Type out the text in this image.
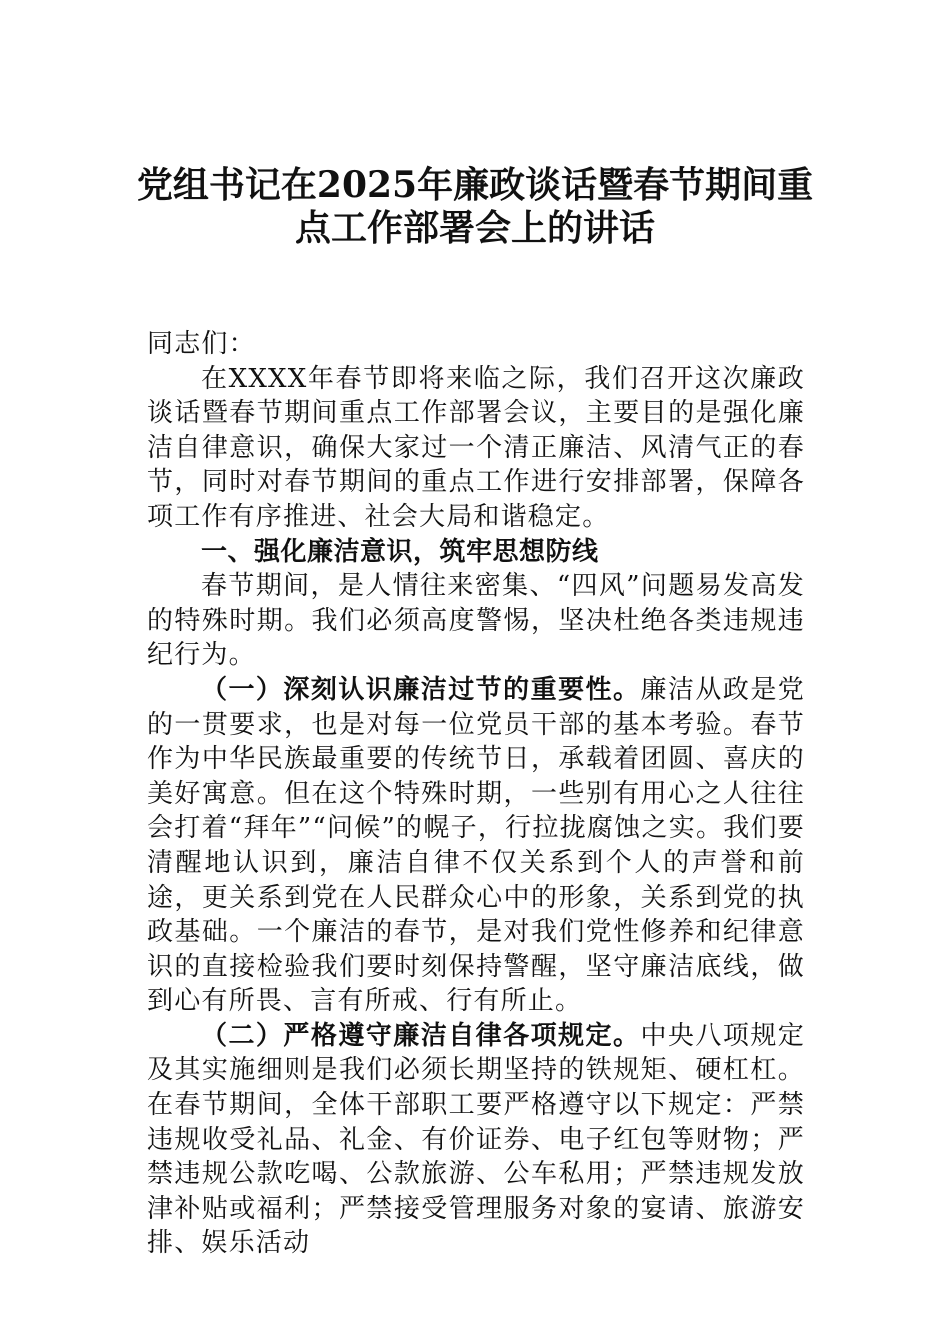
党组书记在2025年廉政谈话暨春节期间重
点工作部署会上的讲话

同志们：

在XXXX年春节即将来临之际，我们召开这次廉政谈话暨春节期间重点工作部署会议，主要目的是强化廉洁自律意识，确保大家过一个清正廉洁、风清气正的春节，同时对春节期间的重点工作进行安排部署，保障各项工作有序推进、社会大局和谐稳定。

一、强化廉洁意识，筑牢思想防线

春节期间，是人情往来密集、“四风”问题易发高发的特殊时期。我们必须高度警惕，坚决杜绝各类违规违纪行为。

（一）深刻认识廉洁过节的重要性。廉洁从政是党的一贯要求，也是对每一位党员干部的基本考验。春节作为中华民族最重要的传统节日，承载着团圆、喜庆的美好寓意。但在这个特殊时期，一些别有用心之人往往会打着“拜年”“问候”的幌子，行拉拢腐蚀之实。我们要清醒地认识到，廉洁自律不仅关系到个人的声誉和前途，更关系到党在人民群众心中的形象，关系到党的执政基础。一个廉洁的春节，是对我们党性修养和纪律意识的直接检验我们要时刻保持警醒，坚守廉洁底线，做到心有所畏、言有所戒、行有所止。

（二）严格遵守廉洁自律各项规定。中央八项规定及其实施细则是我们必须长期坚持的铁规矩、硬杠杠。在春节期间，全体干部职工要严格遵守以下规定：严禁违规收受礼品、礼金、有价证券、电子红包等财物；严禁违规公款吃喝、公款旅游、公车私用；严禁违规发放津补贴或福利；严禁接受管理服务对象的宴请、旅游安排、娱乐活动
